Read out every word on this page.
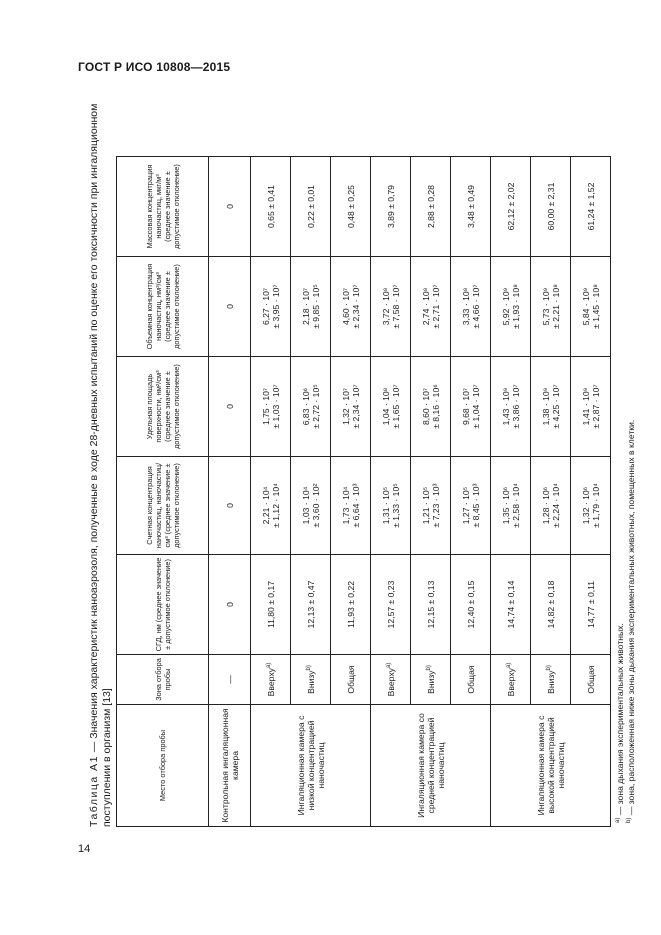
ГОСТ Р ИСО 10808—2015
Таблица А1 — Значения характеристик наноаэрозоля, полученные в ходе 28-дневных испытаний по оценке его токсичности при ингаляционном поступлении в организм [13]	Место отбора пробы	Зона отбора пробы	СГД, нм (среднее значение ± допустимое отклонение)	Счетная концентрация наночастиц, наночастиц/см³ (среднее значение ± допустимое отклонение)	Удельная площадь поверхности, нм²/см³ (среднее значение ± допустимое отклонение)	Объемная концентрация наночастиц, нм³/см³ (среднее значение ± допустимое отклонение)	Массовая концентрация наночастиц, мкг/м³ (среднее значение ± допустимое отклонение)
Контрольная ингаляционная камера	—	0	0	0	0	0
Ингаляционная камера с низкой концентрацией наночастиц	Вверху$^{a)}$	11,80 ± 0,17	2,21 · 10⁴ ± 1,12 · 10⁴	1,75 · 10⁷ ± 1,03 · 10⁷	6,27 · 10⁷ ± 3,95 · 10⁷	0,65 ± 0,41
	Внизу$^{b)}$	12,13 ± 0,47	1,03 · 10⁴ ± 3,60 · 10²	6,83 · 10⁶ ± 2,72 · 10⁵	2,18 · 10⁷ ± 9,85 · 10⁵	0,22 ± 0,01
	Общая	11,93 ± 0,22	1,73 · 10⁴ ± 6,64 · 10³	1,32 · 10⁷ ± 2,34 · 10⁷	4,60 · 10⁷ ± 2,34 · 10⁷	0,48 ± 0,25
Ингаляционная камера со средней концентрацией наночастиц	Вверху$^{a)}$	12,57 ± 0,23	1,31 · 10⁵ ± 1,33 · 10⁵	1,04 · 10⁸ ± 1,65 · 10⁷	3,72 · 10⁸ ± 7,58 · 10⁷	3,89 ± 0,79
	Внизу$^{b)}$	12,15 ± 0,13	1,21 · 10⁵ ± 7,23 · 10³	8,60 · 10⁷ ± 8,16 · 10⁶	2,74 · 10⁸ ± 2,71 · 10⁷	2,88 ± 0,28
	Общая	12,40 ± 0,15	1,27 · 10⁵ ± 8,45 · 10³	9,68 · 10⁷ ± 1,04 · 10⁷	3,33 · 10⁸ ± 4,66 · 10⁷	3,48 ± 0,49
Ингаляционная камера с высокой концентрацией наночастиц	Вверху$^{a)}$	14,74 ± 0,14	1,35 · 10⁶ ± 2,58 · 10⁴	1,43 · 10⁹ ± 3,86 · 10⁷	5,92 · 10⁹ ± 1,93 · 10⁸	62,12 ± 2,02
	Внизу$^{b)}$	14,82 ± 0,18	1,28 · 10⁶ ± 2,24 · 10⁴	1,38 · 10⁹ ± 4,25 · 10⁷	5,73 · 10⁹ ± 2,21 · 10⁸	60,00 ± 2,31
	Общая	14,77 ± 0,11	1,32 · 10⁶ ± 1,79 · 10⁴	1,41 · 10⁹ ± 2,87 · 10⁷	5,84 · 10⁹ ± 1,45 · 10⁸	61,24 ± 1,52
$^{a)}$ — зона дыхания экспериментальных животных.
$^{b)}$ — зона, расположенная ниже зоны дыхания экспериментальных животных, помещенных в клетки.
14
